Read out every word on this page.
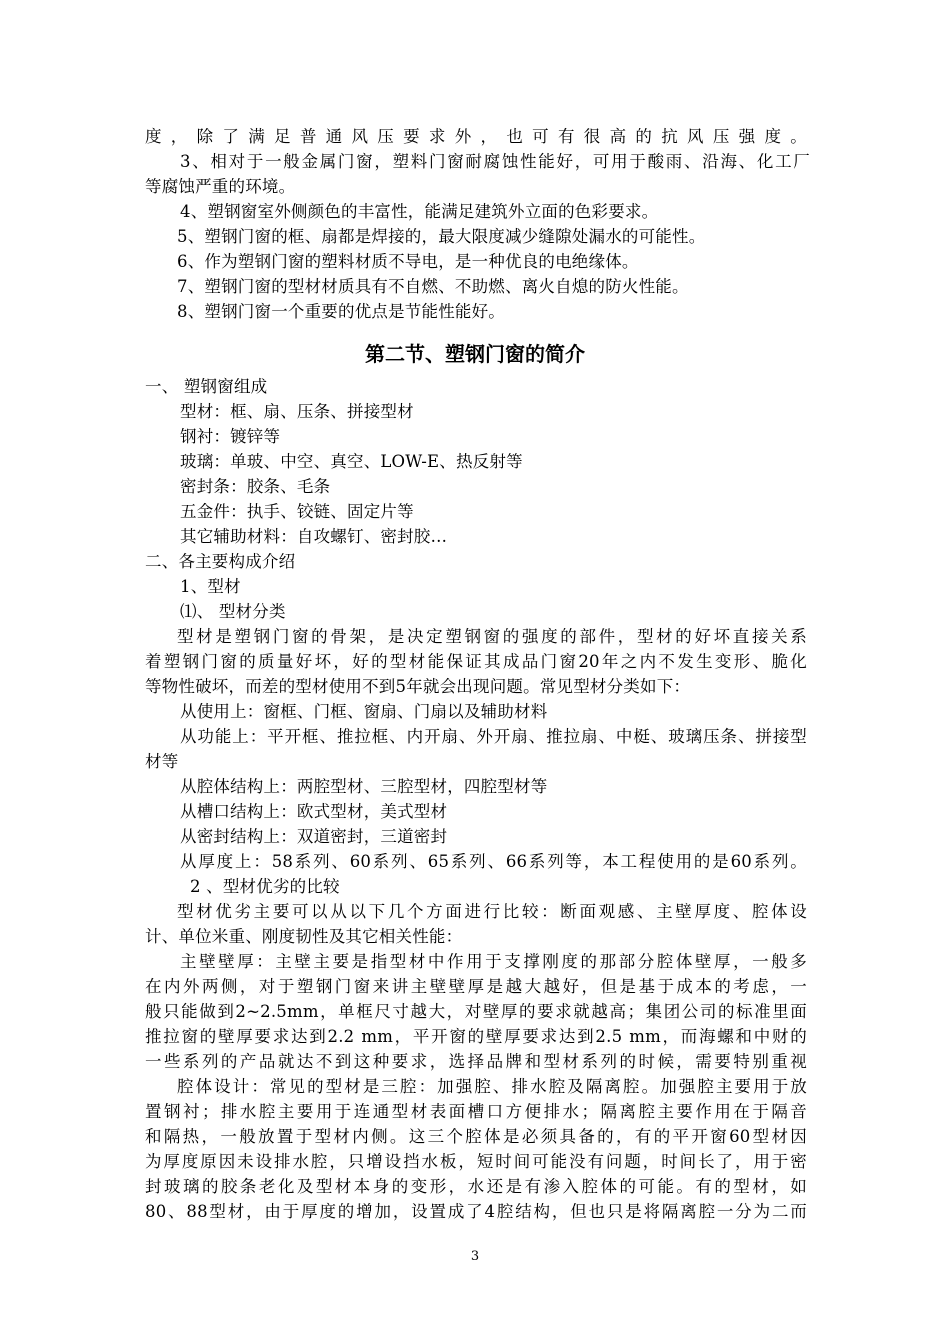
度，除了满足普通风压要求外，也可有很高的抗风压强度。
3、相对于一般金属门窗，塑料门窗耐腐蚀性能好，可用于酸雨、沿海、化工厂
等腐蚀严重的环境。
4、塑钢窗室外侧颜色的丰富性，能满足建筑外立面的色彩要求。
5、塑钢门窗的框、扇都是焊接的，最大限度减少缝隙处漏水的可能性。
6、作为塑钢门窗的塑料材质不导电，是一种优良的电绝缘体。
7、塑钢门窗的型材材质具有不自燃、不助燃、离火自熄的防火性能。
8、塑钢门窗一个重要的优点是节能性能好。
第二节、塑钢门窗的简介
一、 塑钢窗组成
型材：框、扇、压条、拼接型材
钢衬：镀锌等
玻璃：单玻、中空、真空、LOW-E、热反射等
密封条：胶条、毛条
五金件：执手、铰链、固定片等
其它辅助材料：自攻螺钉、密封胶…
二、各主要构成介绍
1、型材
⑴、 型材分类
型材是塑钢门窗的骨架，是决定塑钢窗的强度的部件，型材的好坏直接关系
着塑钢门窗的质量好坏，好的型材能保证其成品门窗20年之内不发生变形、脆化
等物性破坏，而差的型材使用不到5年就会出现问题。常见型材分类如下：
从使用上：窗框、门框、窗扇、门扇以及辅助材料
从功能上：平开框、推拉框、内开扇、外开扇、推拉扇、中梃、玻璃压条、拼接型
材等
从腔体结构上：两腔型材、三腔型材，四腔型材等
从槽口结构上：欧式型材，美式型材
从密封结构上：双道密封，三道密封
从厚度上：58系列、60系列、65系列、66系列等，本工程使用的是60系列。
2 、型材优劣的比较
型材优劣主要可以从以下几个方面进行比较：断面观感、主壁厚度、腔体设
计、单位米重、刚度韧性及其它相关性能：
主壁壁厚：主壁主要是指型材中作用于支撑刚度的那部分腔体壁厚，一般多
在内外两侧，对于塑钢门窗来讲主壁壁厚是越大越好，但是基于成本的考虑，一
般只能做到2~2.5mm，单框尺寸越大，对壁厚的要求就越高；集团公司的标准里面
推拉窗的壁厚要求达到2.2 mm，平开窗的壁厚要求达到2.5 mm，而海螺和中财的
一些系列的产品就达不到这种要求，选择品牌和型材系列的时候，需要特别重视
腔体设计：常见的型材是三腔：加强腔、排水腔及隔离腔。加强腔主要用于放
置钢衬；排水腔主要用于连通型材表面槽口方便排水；隔离腔主要作用在于隔音
和隔热，一般放置于型材内侧。这三个腔体是必须具备的，有的平开窗60型材因
为厚度原因未设排水腔，只增设挡水板，短时间可能没有问题，时间长了，用于密
封玻璃的胶条老化及型材本身的变形，水还是有渗入腔体的可能。有的型材，如
80、88型材，由于厚度的增加，设置成了4腔结构，但也只是将隔离腔一分为二而
3
